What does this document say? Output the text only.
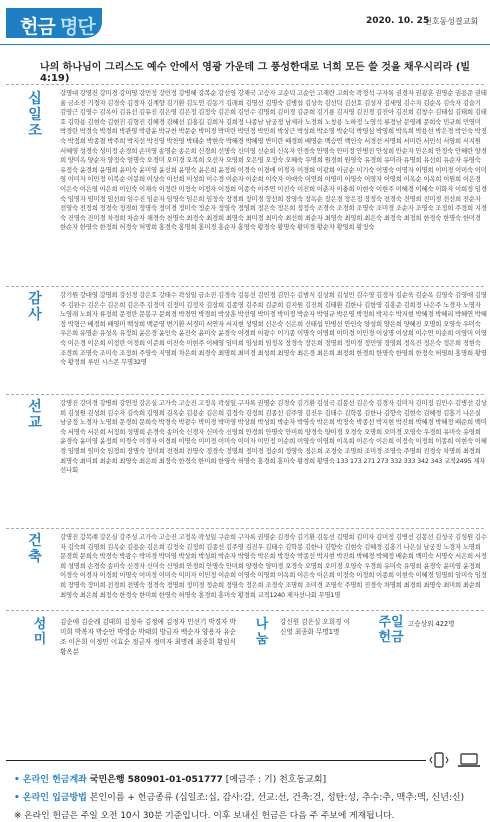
헌금 명단	2020. 10. 25
천호동성결교회
나의 하나님이 그리스도 예수 안에서 영광 가운데 그 풍성한대로 너희 모든 쓸 것을 채우시리라 (빌4:19)
십일조
강명대 강명진 강미경 강미영 강민정 강민정 강병혜 강복순 강선영 강재국 고승자 고순덕 고순인 고재란 고희숙 곽정석 구자록 권경자 권광훈 권명순 권용준 권태율 금소진 기경자 김경숙 김경자 김계향 김기환 김도연 김동기 김래희 김명선 김명숙 김병섭 김상숙 김선덕 김선호 김성자 김세영 김수자 김순옥 김숙자 김슬기 김영근 김영수 김옥이 김유선 김유진 김은영 김은정 김정숙 김은희 김민수 김명희 김미경 김준희 김기룡 김지영 김진경 김진아 김진희 김창수 김태섭 김태희 김태호 김학용 김현숙 김현진 김형진 김혜경 김혜선 김홍길 김희자 김희정 나종남 남궁정 남세라 노경희 노창용 노하정 노영석 류정남 문영례 문희숙 민규희 민영미 박경란 박경숙 박경희 박관영 박광윤 박규찬 박문순 박미경 박미란 박민정 박민희 박상근 박성희 박소영 박순덕 박영심 박영희 박옥희 박용선 박은경 박인숙 박정숙 박정희 박종철 박주희 박지선 박진영 박찬영 박태순 박현숙 박혜경 박혜영 반미란 배경희 배명순 백승연 백인숙 서경선 서명희 서미란 서민석 서영희 서지원 서혜영 성경숙 성미정 손경희 손미영 송명순 송은희 신경희 신명숙 신미영 신순희 신옥자 안경숙 안명숙 안미정 안병진 안성희 안순자 안은희 안정숙 안혜란 양경희 양미옥 양순자 양정숙 엄명숙 오경미 오미경 오복희 오선자 오영희 오은영 오정숙 오혜숙 우명희 원경희 원영숙 유경희 유미라 유명희 유선희 유순자 유영숙 유정숙 윤경희 윤명희 윤미숙 윤미영 윤선희 윤영숙 윤은희 윤정희 이경숙 이경애 이경자 이경희 이광희 이금순 이기숙 이명숙 이명자 이명희 이미경 이미숙 이미영 이미자 이민정 이복순 이봉희 이상숙 이선희 이성희 이수경 이순자 이순희 이숙자 이애숙 이연희 이영미 이영숙 이영자 이영희 이옥순 이옥희 이원희 이은경 이은숙 이은영 이은희 이인숙 이재숙 이정란 이정숙 이정자 이정희 이종숙 이주연 이진숙 이진희 이춘자 이충희 이현숙 이현주 이혜경 이혜숙 이화자 이희정 임경숙 임명자 임미경 임선희 임수진 임순자 임영숙 임은희 임정숙 장경희 장미경 장선희 장영숙 장옥순 장은경 장은정 장정숙 전경숙 전명희 전미경 전선희 전순자 전영숙 전정희 정경숙 정경희 정명숙 정미경 정미숙 정순자 정영숙 정영희 정은숙 정은희 정정숙 조경숙 조경희 조명숙 조미경 조순자 조영숙 조정희 주경희 지경숙 진명숙 진미경 차경희 차순자 채경숙 천명숙 최경숙 최경희 최명숙 최미경 최미숙 최선희 최순자 최영숙 최영희 최은숙 최정숙 최정희 한경숙 한명숙 한미경 한순자 한영숙 한정희 허경숙 허명희 홍경숙 홍명희 홍미경 홍순자 홍영숙 황경숙 황명숙 황미경 황순자 황영희 황정숙
감사
강기원 강대영 강명희 강선경 강은호 강태수 곽성일 금소진 김경숙 김동선 김민경 김민수 김범식 김상희 김성민 김수영 김정자 김순욱 김순옥 김영숙 김영애 김영주 김완수 김은수 김은희 김은주 김정미 김정미 김정자 김장희 김종영 김주희 김준희 김지원 김진희 김태환 김한나 김항영 김홍준 김희정 나은주 노경자 노명자 노영래 노희자 류정희 문경란 문봉구 문희경 박경연 박경희 박상훈 박선영 박미경 박미정 박순자 박영규 박은영 박정희 박지수 박지현 박혜경 박혜리 박혜연 박혜정 박형근 배경희 배영미 백성희 백준영 변기환 서경미 서연자 서지현 성영희 신은숙 신은희 신태섭 안병선 안인숙 양성희 양은희 양혜진 오명희 오영숙 우미숙 우은희 유명순 유성옥 유정희 윤은경 윤인숙 윤진숙 윤미숙 윤경숙 이경희 이광수 이기종 이명숙 이명희 이미경 이민경 이상명 이상희 이수연 이순희 이영미 이영숙 이은경 이은희 이정란 이정희 이준희 이진숙 이현주 이혜영 임미희 임성희 임정옥 장경숙 장은희 정명희 정미경 정민영 정영희 정옥진 정은숙 정은희 정현숙 조경희 조명숙 조미숙 조정희 주영숙 지영희 차은희 최경숙 최명희 최미경 최성희 최영숙 최은경 최은희 최정희 한경희 한명숙 한영희 한정숙 허영희 홍명희 황영숙 황정희 루빈 시스몬 무명32명
선교
강명진 강미경 강병희 강연정 강은실 고가숙 고승진 고정옥 곽성일 구자록 권명순 김경숙 김기환 김성국 김봉선 김은숙 김경자 김미자 김미정 김민수 김병선 김상희 김성원 김성희 김수자 김숙희 김영희 김옥순 김용순 김은희 김정숙 김정희 김종선 김주영 김진우 김태수 김학봉 김한나 김향숙 김현숙 김혜경 김홍기 나은실 남궁정 노경자 노명희 문경희 문희숙 박경숙 박광수 박미경 박미영 박상희 박성희 박순자 박영숙 박은희 박정숙 박종선 박지현 박진희 박혜경 박혜정 배순희 백미숙 서명숙 서은희 서정희 성명희 손경숙 송미숙 신경자 신미숙 신영희 안경희 안명숙 안미희 양경숙 양미경 오경숙 오명희 오미경 오영숙 우경희 유미숙 유영희 윤경숙 윤미영 윤정희 이경숙 이경자 이경희 이명숙 이미경 이미숙 이미자 이민정 이순희 이영숙 이영희 이옥희 이은숙 이은희 이정숙 이정희 이종희 이현숙 이혜경 임명희 임미숙 임정희 장명숙 장미희 전경희 전명숙 정경숙 정명희 정미경 정순희 정영숙 정은희 조경숙 조명희 조미경 조영숙 주명희 진경숙 차명희 최경희 최명숙 최미희 최순희 최영숙 최은희 최정숙 한경숙 한미희 한영숙 허명숙 홍경희 홍미숙 황경희 황명숙 133 173 271 273 332 333 342 343 교적2495 제자선나회
건축
강명진 강복례 강은실 강주성 고가숙 고승진 고정옥 곽성일 구순희 구자록 권명순 김경숙 김기환 김동선 김명희 김미자 김미정 김병선 김봉선 김성국 김성원 김수자 김숙희 김영희 김옥순 김용순 김은희 김정숙 김정희 김종선 김주영 김진우 김태수 김학봉 김한나 김향숙 김현숙 김혜경 김홍기 나은실 남궁정 노경자 노명희 문경희 문희숙 박경숙 박광수 박미경 박미영 박상희 박성희 박순자 박영숙 박은희 박정숙 박종선 박지현 박진희 박혜경 박혜정 배순희 백미숙 서명숙 서은희 서정희 성명희 손경숙 송미숙 신경자 신미숙 신영희 안경희 안명숙 안미희 양경숙 양미경 오경숙 오명희 오미경 오영숙 우경희 유미숙 유영희 윤경숙 윤미영 윤정희 이경숙 이경자 이경희 이명숙 이미경 이미숙 이미자 이민정 이순희 이영숙 이영희 이옥희 이은숙 이은희 이정숙 이정희 이종희 이현숙 이혜경 임명희 임미숙 임정희 장명숙 장미희 전경희 전명숙 정경숙 정명희 정미경 정순희 정영숙 정은희 조경숙 조명희 조미경 조영숙 주명희 진경숙 차명희 최경희 최명숙 최미희 최순희 최영숙 최은희 최정숙 한경숙 한미희 한영숙 허명숙 홍경희 홍미숙 황경희 교적1240 제자선나회 무명1명
성미
김순애 김순례 김태희 김정숙 김정애 김정자 민선기 박경자 박미희 박복자 박순안 박영순 박태희 방금자 백순자 양용자 유순조 이은희 이정민 이효순 정금자 정미자 최명례 최종희 황임식 황옥분
나눔
강신원 김은실 오희경 이신영 최종화 무명1명
주일헌금
고승상외 422명
• 온라인 헌금계좌 국민은행 580901-01-051777 [예금주 : 기) 천호동교회]
• 온라인 입금방법 본인이름 + 헌금종류 (십일조:십, 감사:감, 선교:선, 건축:건, 성탄:성, 추수:추, 맥추:맥, 신년:신)
※ 온라인 헌금은 주일 오전 10시 30분 기준입니다. 이후 보내신 헌금은 다음 주 주보에 게재됩니다.
